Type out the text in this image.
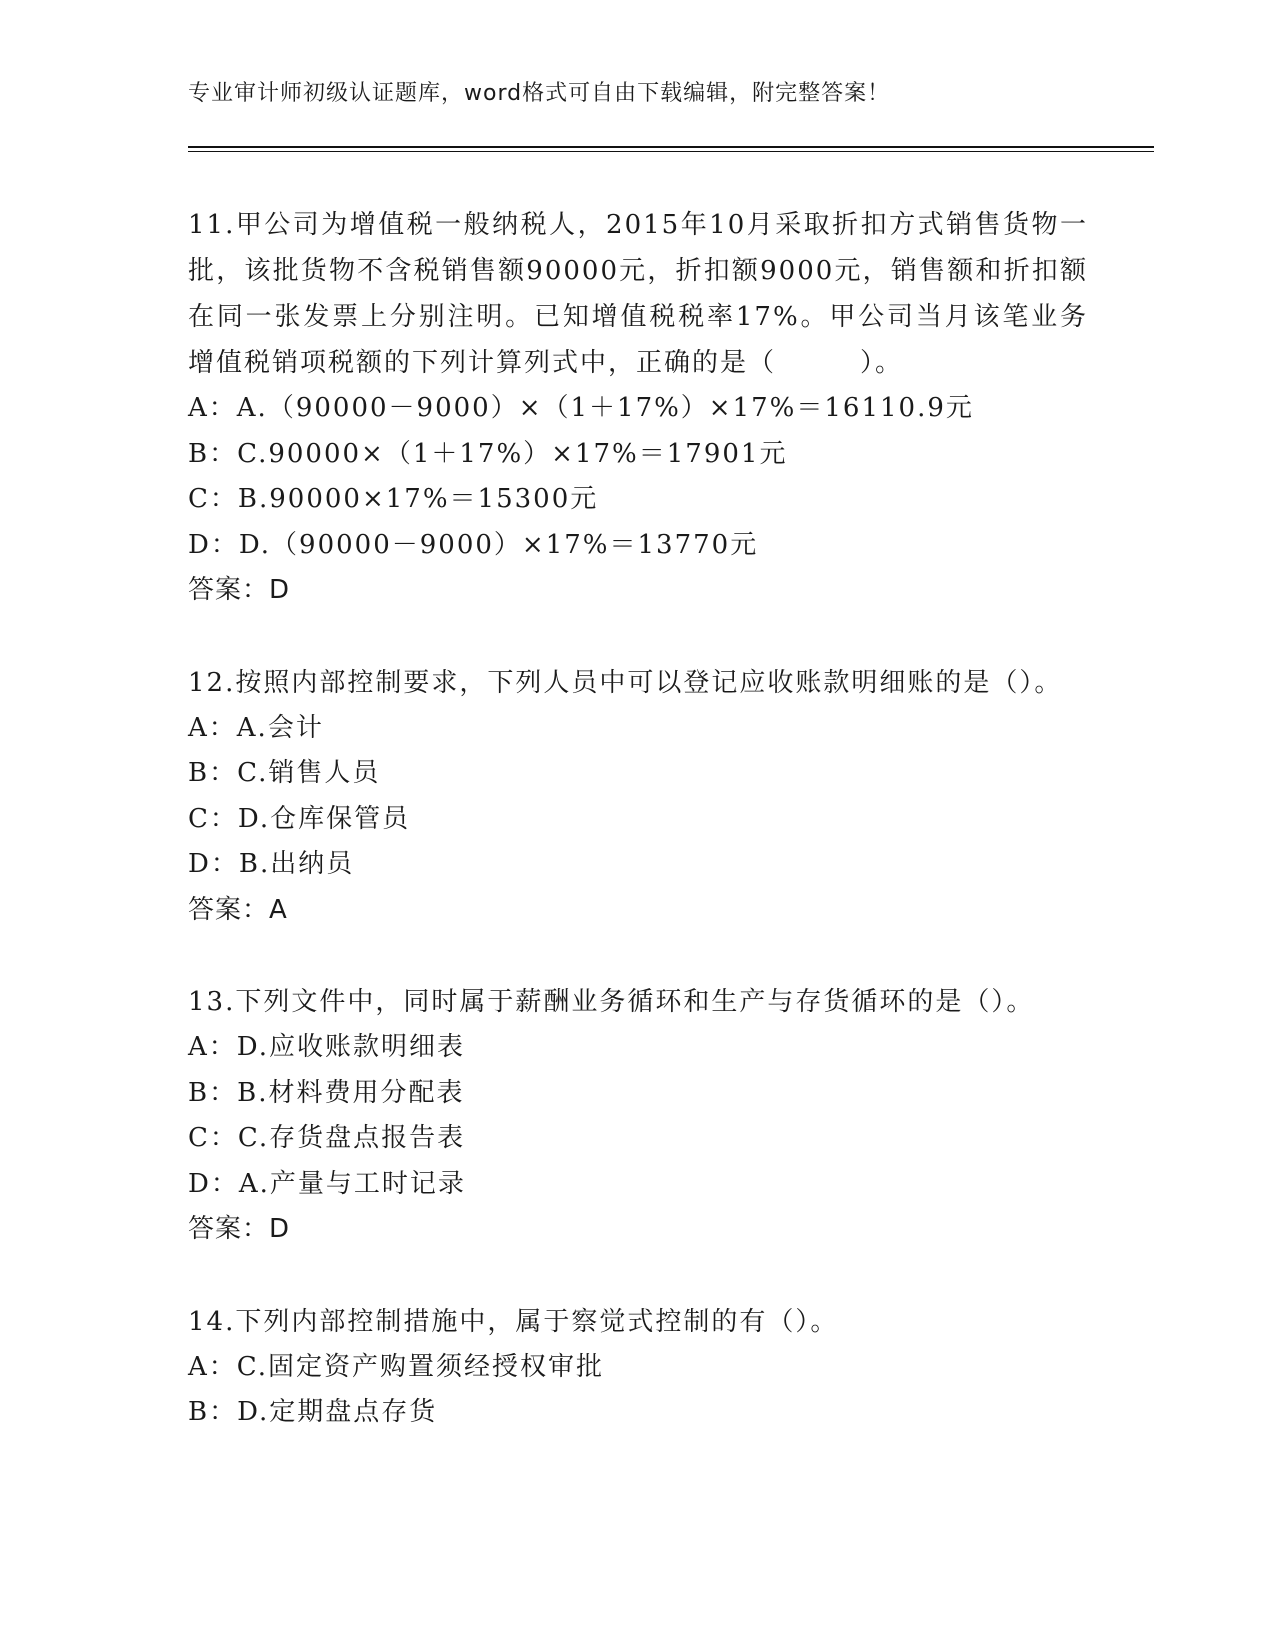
专业审计师初级认证题库，word格式可自由下载编辑，附完整答案！

11.甲公司为增值税一般纳税人，2015年10月采取折扣方式销售货物一批，该批货物不含税销售额90000元，折扣额9000元，销售额和折扣额在同一张发票上分别注明。已知增值税税率17%。甲公司当月该笔业务增值税销项税额的下列计算列式中，正确的是（　　　）。

A：A.（90000－9000）×（1＋17%）×17%＝16110.9元

B：C.90000×（1＋17%）×17%＝17901元

C：B.90000×17%＝15300元

D：D.（90000－9000）×17%＝13770元

答案：D

12.按照内部控制要求，下列人员中可以登记应收账款明细账的是（）。

A：A.会计

B：C.销售人员

C：D.仓库保管员

D：B.出纳员

答案：A

13.下列文件中，同时属于薪酬业务循环和生产与存货循环的是（）。

A：D.应收账款明细表

B：B.材料费用分配表

C：C.存货盘点报告表

D：A.产量与工时记录

答案：D

14.下列内部控制措施中，属于察觉式控制的有（）。

A：C.固定资产购置须经授权审批

B：D.定期盘点存货
